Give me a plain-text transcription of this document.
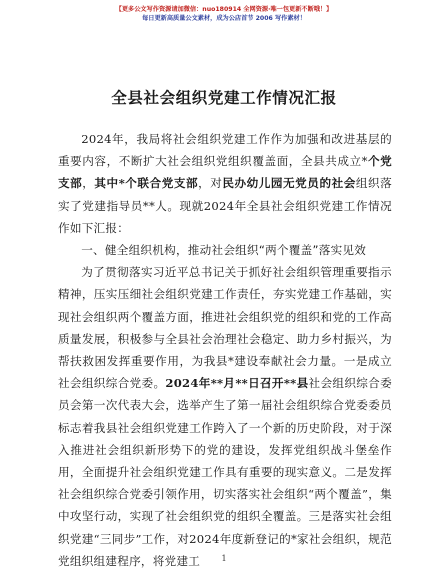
【更多公文写作资源请加微信：nuo180914 全网资源·唯一包更新不断哦！】
每日更新高质量公文素材，成为公店首节 2006 写作素材！
全县社会组织党建工作情况汇报

2024年，我局将社会组织党建工作作为加强和改进基层的重要内容，不断扩大社会组织党组织覆盖面，全县共成立*个党支部，其中*个联合党支部，对民办幼儿园无党员的社会组织落实了党建指导员**人。现就2024年全县社会组织党建工作情况作如下汇报：

一、健全组织机构，推动社会组织“两个覆盖”落实见效

为了贯彻落实习近平总书记关于抓好社会组织管理重要指示精神，压实压细社会组织党建工作责任，夯实党建工作基础，实现社会组织两个覆盖方面，推进社会组织党的组织和党的工作高质量发展，积极参与全县社会治理社会稳定、助力乡村振兴，为帮扶救困发挥重要作用，为我县*建设奉献社会力量。一是成立社会组织综合党委。2024年**月**日召开**县社会组织综合委员会第一次代表大会，选举产生了第一届社会组织综合党委委员标志着我县社会组织党建工作跨入了一个新的历史阶段，对于深入推进社会组织新形势下的党的建设，发挥党组织战斗堡垒作用，全面提升社会组织党建工作具有重要的现实意义。二是发挥社会组织综合党委引领作用，切实落实社会组织“两个覆盖”，集中攻坚行动，实现了社会组织党的组织全覆盖。三是落实社会组织党建“三同步”工作，对2024年度新登记的*家社会组织，规范党组织组建程序，将党建工	1
